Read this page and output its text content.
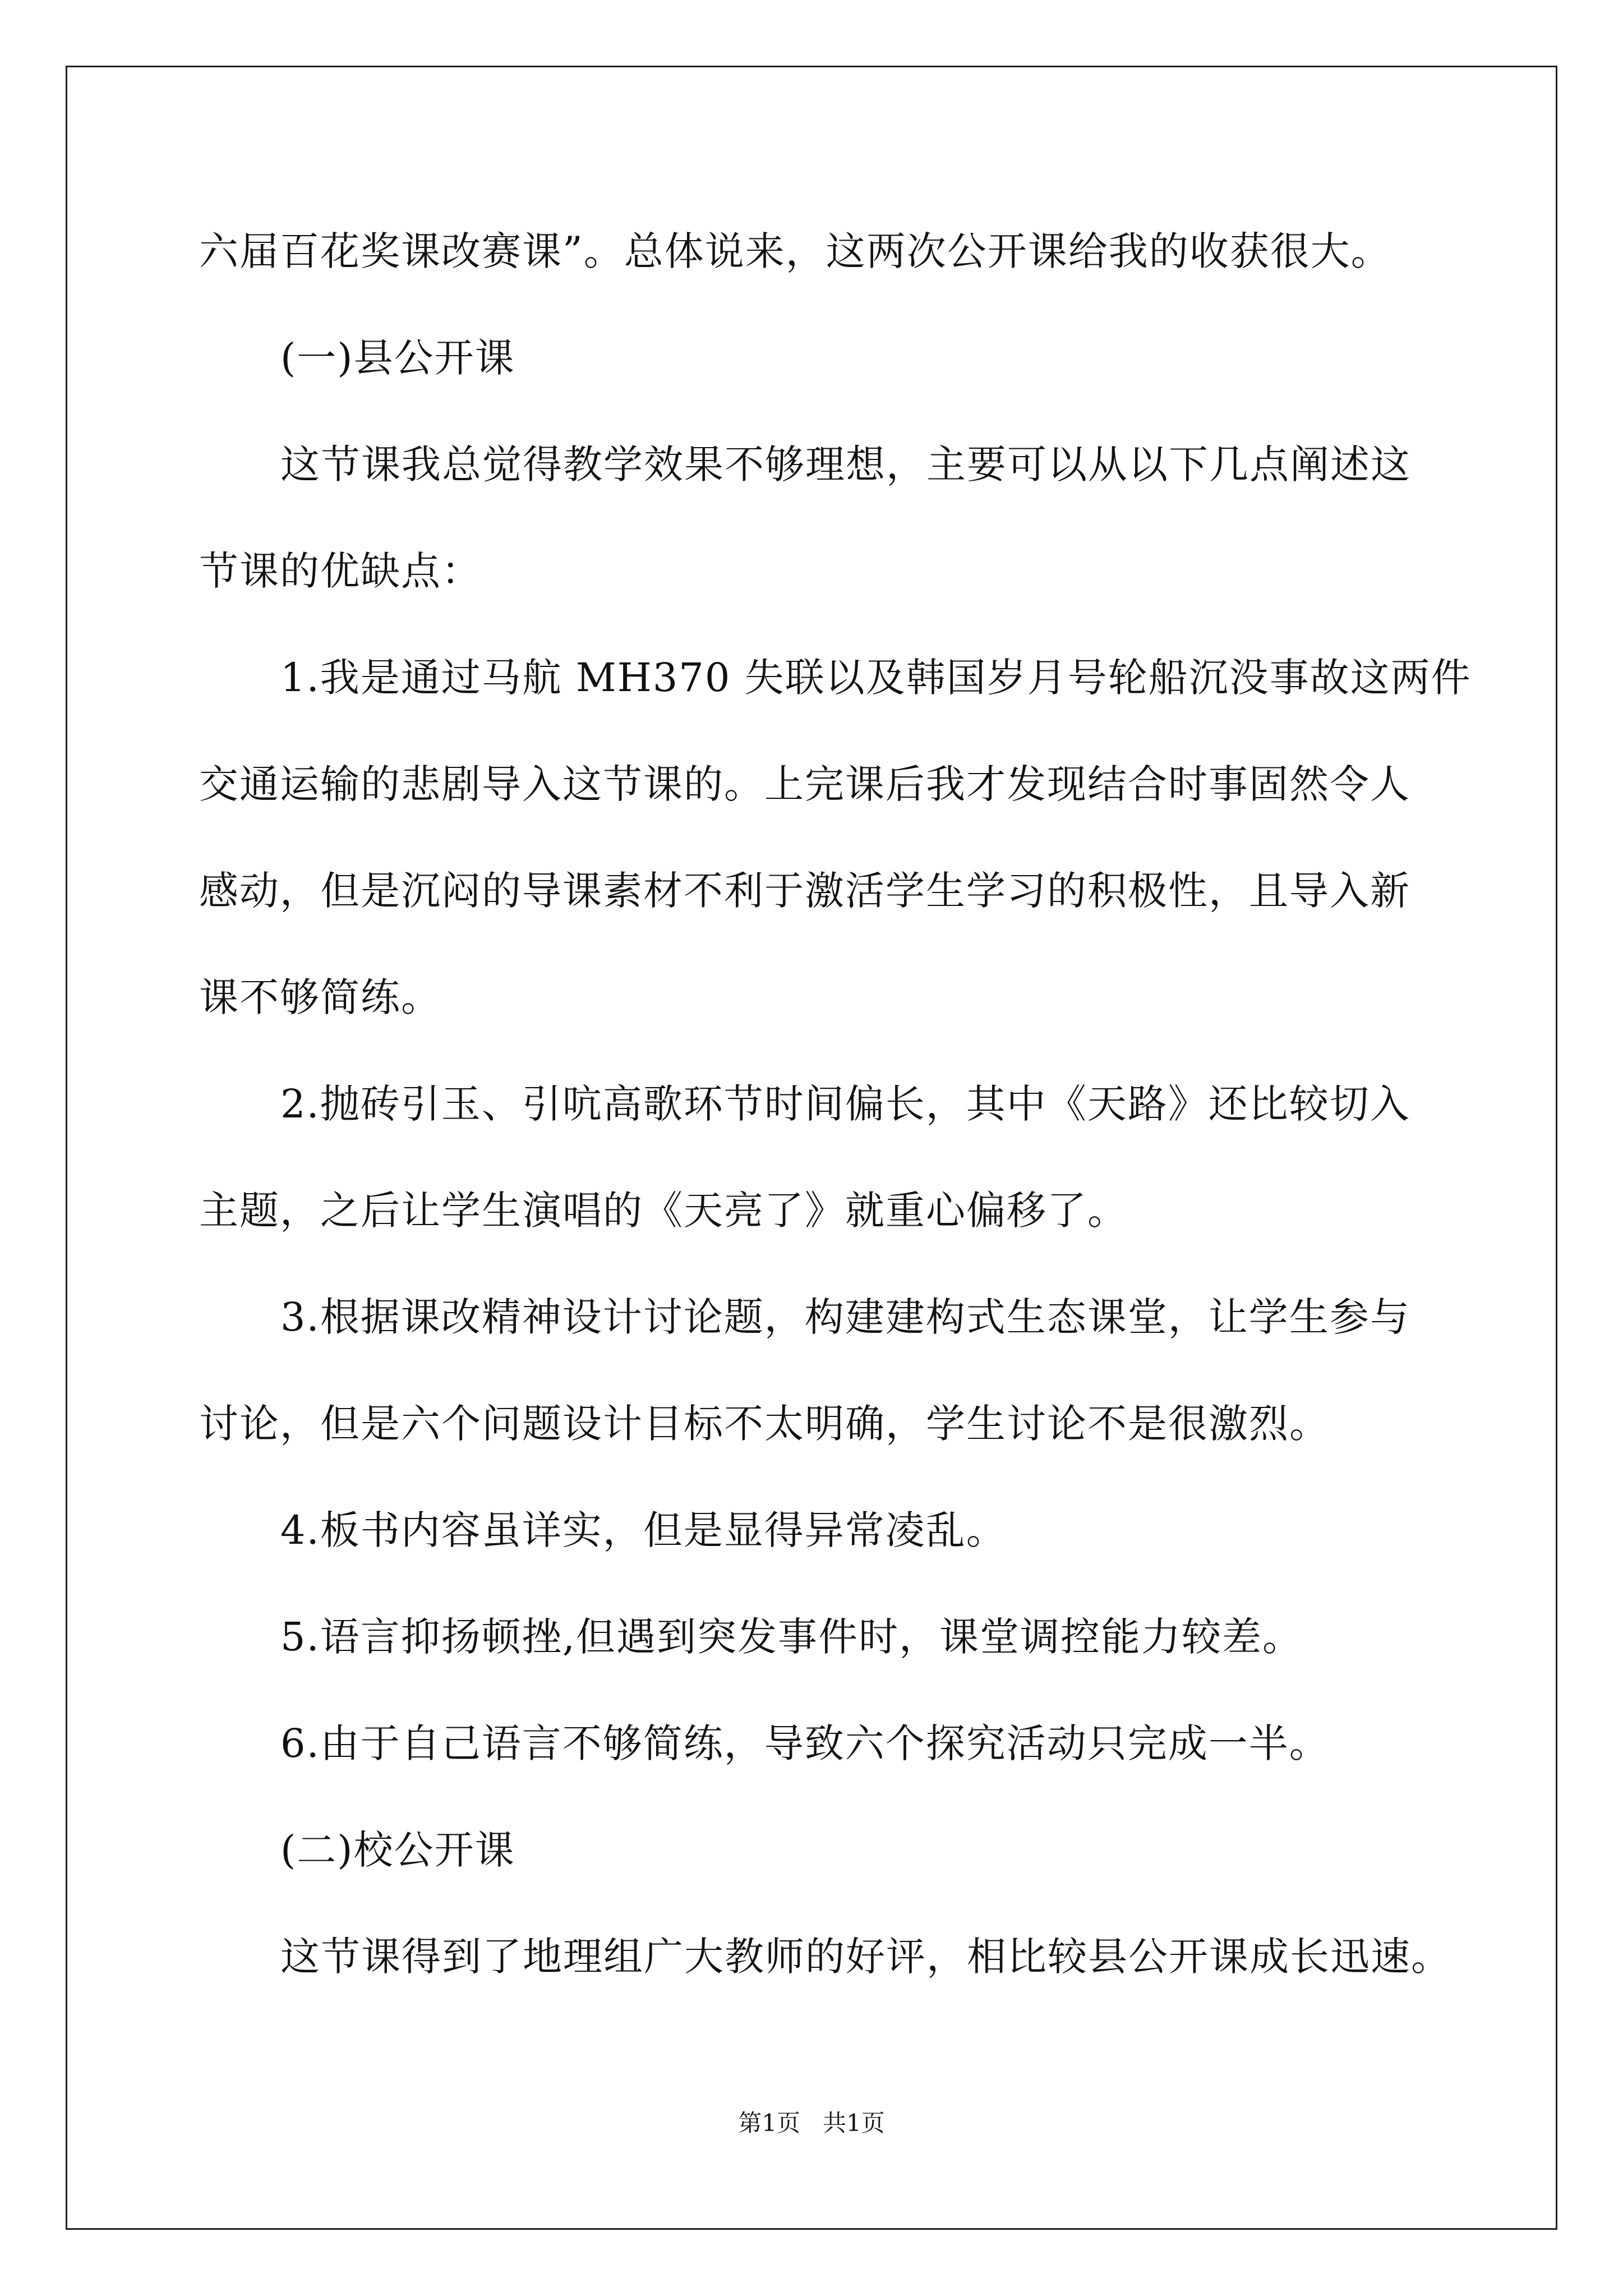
六届百花奖课改赛课”。总体说来，这两次公开课给我的收获很大。
(一)县公开课
这节课我总觉得教学效果不够理想，主要可以从以下几点阐述这
节课的优缺点：
1.我是通过马航 MH370 失联以及韩国岁月号轮船沉没事故这两件
交通运输的悲剧导入这节课的。上完课后我才发现结合时事固然令人
感动，但是沉闷的导课素材不利于激活学生学习的积极性，且导入新
课不够简练。
2.抛砖引玉、引吭高歌环节时间偏长，其中《天路》还比较切入
主题，之后让学生演唱的《天亮了》就重心偏移了。
3.根据课改精神设计讨论题，构建建构式生态课堂，让学生参与
讨论，但是六个问题设计目标不太明确，学生讨论不是很激烈。
4.板书内容虽详实，但是显得异常凌乱。
5.语言抑扬顿挫,但遇到突发事件时，课堂调控能力较差。
6.由于自己语言不够简练，导致六个探究活动只完成一半。
(二)校公开课
这节课得到了地理组广大教师的好评，相比较县公开课成长迅速。
第1页   共1页
